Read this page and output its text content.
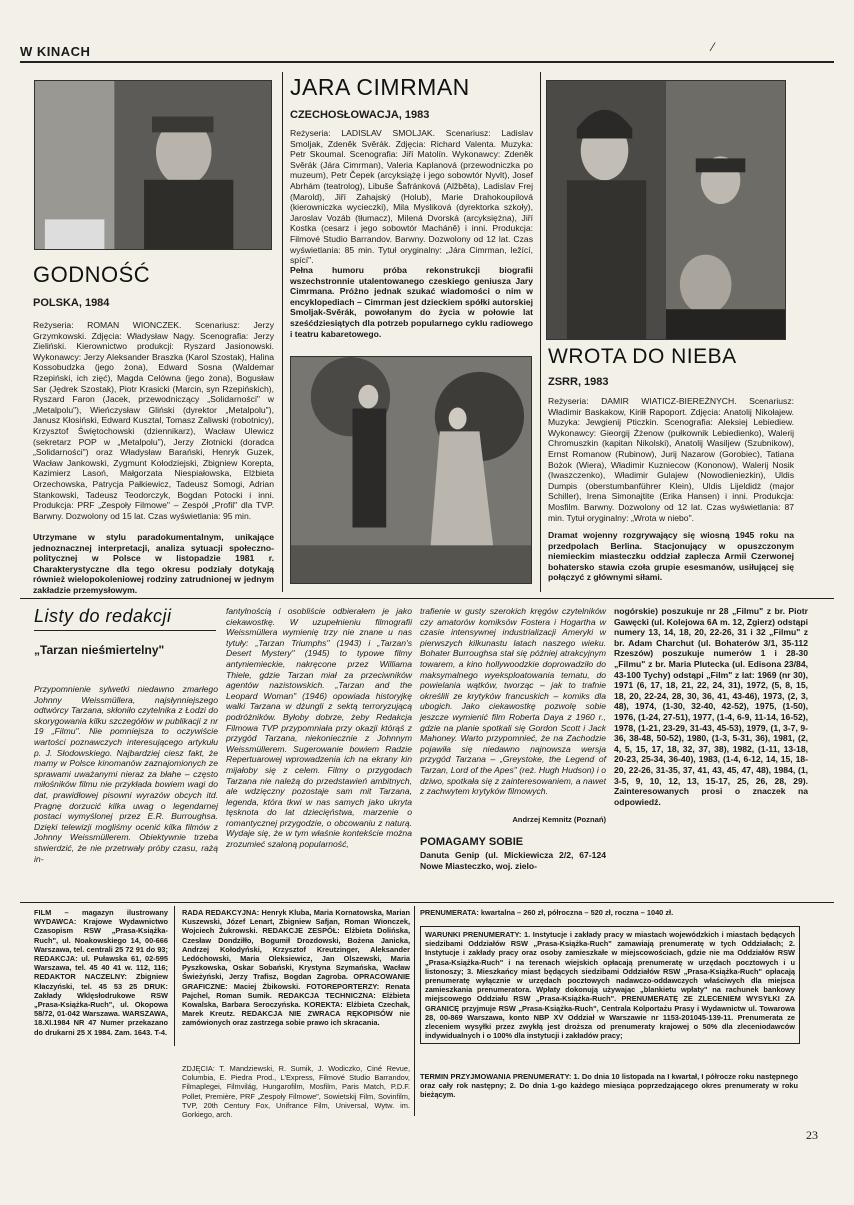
W KINACH	⁄
GODNOŚĆ
POLSKA, 1984
Reżyseria: ROMAN WIONCZEK. Scenariusz: Jerzy Grzymkowski. Zdjęcia: Władysław Nagy. Scenografia: Jerzy Zieliński. Kierownictwo produkcji: Ryszard Jasionowski. Wykonawcy: Jerzy Aleksander Braszka (Karol Szostak), Halina Kossobudzka (jego żona), Edward Sosna (Waldemar Rzepiński, ich zięć), Magda Celówna (jego żona), Bogusław Sar (Jędrek Szostak), Piotr Krasicki (Marcin, syn Rzepińskich), Ryszard Faron (Jacek, przewodniczący „Solidarności" w „Metalpolu"), Wieńczysław Gliński (dyrektor „Metalpolu"), Janusz Kłosiński, Edward Kusztal, Tomasz Zaliwski (robotnicy), Krzysztof Świętochowski (dziennikarz), Wacław Ulewicz (sekretarz POP w „Metalpolu"), Jerzy Złotnicki (doradca „Solidarności") oraz Władysław Barański, Henryk Guzek, Wacław Jankowski, Zygmunt Kołodziejski, Zbigniew Korepta, Kazimierz Lasoń, Małgorzata Niespiałowska, Elżbieta Orzechowska, Patrycja Pałkiewicz, Tadeusz Somogi, Adrian Stankowski, Tadeusz Teodorczyk, Bogdan Potocki i inni. Produkcja: PRF „Zespoły Filmowe" – Zespół „Profil" dla TVP. Barwny. Dozwolony od 15 lat. Czas wyświetlania: 95 min.
Utrzymane w stylu paradokumentalnym, unikające jednoznacznej interpretacji, analiza sytuacji społeczno-politycznej w Polsce w listopadzie 1981 r. Charakterystyczne dla tego okresu podziały dotykają również wielopokoleniowej rodziny zatrudnionej w jednym zakładzie przemysłowym.
JARA CIMRMAN
CZECHOSŁOWACJA, 1983
Reżyseria: LADISLAV SMOLJAK. Scenariusz: Ladislav Smoljak, Zdeněk Svěrák. Zdjęcia: Richard Valenta. Muzyka: Petr Skoumal. Scenografia: Jiří Matolín. Wykonawcy: Zdeněk Svěrák (Jára Cimrman), Valeria Kaplanová (przewodniczka po muzeum), Petr Čepek (arcyksiążę i jego sobowtór Nyvlt), Josef Abrhám (teatrolog), Libuše Šafránková (Alžběta), Ladislav Frej (Marold), Jiří Zahajský (Holub), Marie Drahokoupilová (kierowniczka wycieczki), Mila Mysliková (dyrektorka szkoły), Jaroslav Vozáb (tłumacz), Milená Dvorská (arcyksiężna), Jiří Kostka (cesarz i jego sobowtór Macháně) i inni. Produkcja: Filmové Studio Barrandov. Barwny. Dozwolony od 12 lat. Czas wyświetlania: 85 min. Tytuł oryginalny: „Jára Cimrman, ležící, spící".
Pełna humoru próba rekonstrukcji biografii wszechstronnie utalentowanego czeskiego geniusza Jary Cimrmana. Próżno jednak szukać wiadomości o nim w encyklopediach – Cimrman jest dzieckiem spółki autorskiej Smoljak-Svěrák, powołanym do życia w połowie lat sześćdziesiątych dla potrzeb popularnego cyklu radiowego i teatru kabaretowego.
WROTA DO NIEBA
ZSRR, 1983
Reżyseria: DAMIR WIATICZ-BIEREŻNYCH. Scenariusz: Władimir Baskakow, Kiriłł Rapoport. Zdjęcia: Anatolij Nikołajew. Muzyka: Jewgienij Pticzkin. Scenografia: Aleksiej Lebiediew. Wykonawcy: Gieorgij Żżenow (pułkownik Lebiedienko), Walerij Chromuszkin (kapitan Nikolski), Anatolij Wasiljew (Szubnikow), Ernst Romanow (Rubinow), Jurij Nazarow (Gorobiec), Tatiana Bożok (Wiera), Władimir Kuzniecow (Kononow), Walerij Nosik (Iwaszczenko), Władimir Gulajew (Nowodieniezkin), Uldis Dumpis (oberstumbanführer Klein), Uldis Lijeldidż (major Schiller), Irena Simonajtite (Erika Hansen) i inni. Produkcja: Mosfilm. Barwny. Dozwolony od 12 lat. Czas wyświetlania: 87 min. Tytuł oryginalny: „Wrota w niebo".
Dramat wojenny rozgrywający się wiosną 1945 roku na przedpolach Berlina. Stacjonujący w opuszczonym niemieckim miasteczku oddział zaplecza Armii Czerwonej bohatersko stawia czoła grupie esesmanów, usiłującej się połączyć z głównymi siłami.
Listy do redakcji
„Tarzan nieśmiertelny"
Przypomnienie sylwetki niedawno zmarłego Johnny Weissmüllera, najsłynniejszego odtwórcy Tarzana, skłoniło czytelnika z Łodzi do skorygowania kilku szczegółów w publikacji z nr 19 „Filmu". Nie pomniejsza to oczywiście wartości poznawczych interesującego artykułu p. J. Słodowskiego. Najbardziej ciesz fakt, że mamy w Polsce kinomanów zaznajomionych ze sprawami uważanymi nieraz za błahe – często miłośników filmu nie przykłada bowiem wagi do dat, prawidłowej pisowni wyrazów obcych itd. Pragnę dorzucić kilka uwag o legendarnej postaci wymyślonej przez E.R. Burroughsa. Dzięki telewizji mogliśmy ocenić kilka filmów z Johnny Weissmüllerem. Obiektywnie trzeba stwierdzić, że nie przetrwały próby czasu, rażą in-
fantylnością i osobliście odbierałem je jako ciekawostkę. W uzupełnieniu filmografii Weissmüllera wymienię trzy nie znane u nas tytuły: „Tarzan Triumphs" (1943) i „Tarzan's Desert Mystery" (1945) to typowe filmy antyniemieckie, nakręcone przez Williama Thiele, gdzie Tarzan miał za przeciwników agentów nazistowskich. „Tarzan and the Leopard Woman" (1946) opowiada historyjkę walki Tarzana w dżungli z sektą terroryzującą podróżników. Byłoby dobrze, żeby Redakcja Filmowa TVP przypomniała przy okazji którąś z przygód Tarzana, niekoniecznie z Johnnym Weissmüllerem. Sugerowanie bowiem Radzie Repertuarowej wprowadzenia ich na ekrany kin mijałoby się z celem. Filmy o przygodach Tarzana nie należą do przedstawień ambitnych, ale wdzięczny pozostaje sam mit Tarzana, legenda, która tkwi w nas samych jako ukryta tęsknota do lat dziecięństwa, marzenie o romantycznej przygodzie, o obcowaniu z naturą. Wydaje się, że w tym właśnie kontekście można zrozumieć szaloną popularność,
trafienie w gusty szerokich kręgów czytelników czy amatorów komiksów Fostera i Hogartha w czasie intensywnej industrializacji Ameryki w pierwszych kilkunastu latach naszego wieku. Bohater Burroughsa stał się później atrakcyjnym towarem, a kino hollywoodzkie doprowadziło do maksymalnego wyeksploatowania tematu, do powielania wątków, tworząc – jak to trafnie określili ze krytyków francuskich – komiks dla ubogich. Jako ciekawostkę pozwolę sobie jeszcze wymienić film Roberta Daya z 1960 r., gdzie na planie spotkali się Gordon Scott i Jack Mahoney. Warto przypomnieć, że na Zachodzie pojawiła się niedawno najnowsza wersja przygód Tarzana – „Greystoke, the Legend of Tarzan, Lord of the Apes" (reż. Hugh Hudson) i o dziwo, spotkała się z zainteresowaniem, a nawet z zachwytem krytyków filmowych.
Andrzej Kemnitz (Poznań)
POMAGAMY SOBIE
Danuta Genip (ul. Mickiewicza 2/2, 67-124 Nowe Miasteczko, woj. zielo-
nogórskie) poszukuje nr 28 „Filmu" z br. Piotr Gawęcki (ul. Kolejowa 6A m. 12, Zgierz) odstąpi numery 13, 14, 18, 20, 22-26, 31 i 32 „Filmu" z br. Adam Charchut (ul. Bohaterów 3/1, 35-112 Rzeszów) poszukuje numerów 1 i 28-30 „Filmu" z br. Maria Plutecka (ul. Edisona 23/84, 43-100 Tychy) odstąpi „Film" z lat: 1969 (nr 30), 1971 (6, 17, 18, 21, 22, 24, 31), 1972, (5, 8, 15, 18, 20, 22-24, 28, 30, 36, 41, 43-46), 1973, (2, 3, 48), 1974, (1-30, 32-40, 42-52), 1975, (1-50), 1976, (1-24, 27-51), 1977, (1-4, 6-9, 11-14, 16-52), 1978, (1-21, 23-29, 31-43, 45-53), 1979, (1, 3-7, 9-36, 38-48, 50-52), 1980, (1-3, 5-31, 36), 1981, (2, 4, 5, 15, 17, 18, 32, 37, 38), 1982, (1-11, 13-18, 20-23, 25-34, 36-40), 1983, (1-4, 6-12, 14, 15, 18-20, 22-26, 31-35, 37, 41, 43, 45, 47, 48), 1984, (1, 3-5, 9, 10, 12, 13, 15-17, 25, 26, 28, 29). Zainteresowanych prosi o znaczek na odpowiedź.
FILM – magazyn ilustrowany WYDAWCA: Krajowe Wydawnictwo Czasopism RSW „Prasa-Książka-Ruch", ul. Noakowskiego 14, 00-666 Warszawa, tel. centrali 25 72 91 do 93; REDAKCJA: ul. Puławska 61, 02-595 Warszawa, tel. 45 40 41 w. 112, 116; REDAKTOR NACZELNY: Zbigniew Kłaczyński, tel. 45 53 25 DRUK: Zakłady Wklęsłodrukowe RSW „Prasa-Książka-Ruch", ul. Okopowa 58/72, 01-042 Warszawa. WARSZAWA, 18.XI.1984 NR 47 Numer przekazano do drukarni 25 X 1984. Zam. 1643. T-4.
RADA REDAKCYJNA: Henryk Kluba, Maria Kornatowska, Marian Kuszewski, Józef Lenart, Zbigniew Safjan, Roman Wionczek, Wojciech Żukrowski. REDAKCJE ZESPÓŁ: Elżbieta Dolińska, Czesław Dondziłło, Bogumił Drozdowski, Bożena Janicka, Andrzej Kołodyński, Krzysztof Kreutzinger, Aleksander Ledóchowski, Maria Oleksiewicz, Jan Olszewski, Maria Pyszkowska, Oskar Sobański, Krystyna Szymańska, Wacław Świeżyński, Jerzy Trafisz, Bogdan Zagroba. OPRACOWANIE GRAFICZNE: Maciej Żbikowski. FOTOREPORTERZY: Renata Pajchel, Roman Sumik. REDAKCJA TECHNICZNA: Elżbieta Kowalska, Barbara Seroczyńska. KOREKTA: Elżbieta Czechak, Marek Kreutz. REDAKCJA NIE ZWRACA RĘKOPISÓW nie zamówionych oraz zastrzega sobie prawo ich skracania.
ZDJĘCIA: T. Mandziewski, R. Sumik, J. Wodiczko, Ciné Revue, Columbia, E. Piedra Prod., L'Express, Filmové Studio Barrandov, Filmaplegei, Filmvilág, Hungarofilm, Mosfilm, Paris Match, P.D.F. Pollet, Première, PRF „Zespoły Filmowe", Sowietskij Film, Sovinfilm, TVP, 20th Century Fox, Unifrance Film, Universal, Wytw. im. Gorkiego, arch.
PRENUMERATA: kwartalna – 260 zł, półroczna – 520 zł, roczna – 1040 zł.
WARUNKI PRENUMERATY: 1. Instytucje i zakłady pracy w miastach wojewódzkich i miastach będących siedzibami Oddziałów RSW „Prasa-Książka-Ruch" zamawiają prenumeratę w tych Oddziałach; 2. Instytucje i zakłady pracy oraz osoby zamieszkałe w miejscowościach, gdzie nie ma Oddziałów RSW „Prasa-Książka-Ruch" i na terenach wiejskich opłacają prenumeratę w urzędach pocztowych i u listonoszy; 3. Mieszkańcy miast będących siedzibami Oddziałów RSW „Prasa-Książka-Ruch" opłacają prenumeratę wyłącznie w urzędach pocztowych nadawczo-oddawczych właściwych dla miejsca zamieszkania prenumeratora. Wpłaty dokonują używając „blankietu wpłaty" na rachunek bankowy miejscowego Oddziału RSW „Prasa-Książka-Ruch". PRENUMERATĘ ZE ZLECENIEM WYSYŁKI ZA GRANICĘ przyjmuje RSW „Prasa-Książka-Ruch", Centrala Kolportażu Prasy i Wydawnictw ul. Towarowa 28, 00-869 Warszawa, konto NBP XV Oddział w Warszawie nr 1153-201045-139-11. Prenumerata ze zleceniem wysyłki przez zwykłą jest droższa od prenumeraty krajowej o 50% dla zleceniodawców indywidualnych i o 100% dla instytucji i zakładów pracy;
TERMIN PRZYJMOWANIA PRENUMERATY: 1. Do dnia 10 listopada na I kwartał, I półrocze roku następnego oraz cały rok następny; 2. Do dnia 1-go każdego miesiąca poprzedzającego okres prenumeraty w roku bieżącym.
23
